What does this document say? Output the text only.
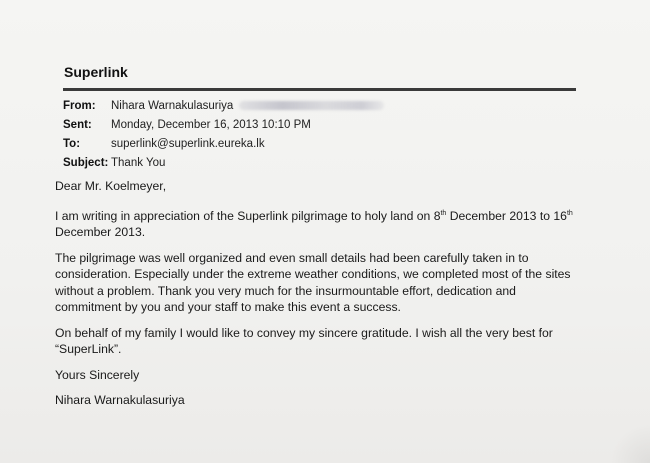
Superlink
From:	Nihara Warnakulasuriya
Sent:	Monday, December 16, 2013 10:10 PM
To:	superlink@superlink.eureka.lk
Subject: Thank You

Dear Mr. Koelmeyer,

I am writing in appreciation of the Superlink pilgrimage to holy land on 8th December 2013 to 16th December 2013.

The pilgrimage was well organized and even small details had been carefully taken in to consideration. Especially under the extreme weather conditions, we completed most of the sites without a problem. Thank you very much for the insurmountable effort, dedication and commitment by you and your staff to make this event a success.

On behalf of my family I would like to convey my sincere gratitude. I wish all the very best for “SuperLink”.

Yours Sincerely

Nihara Warnakulasuriya
